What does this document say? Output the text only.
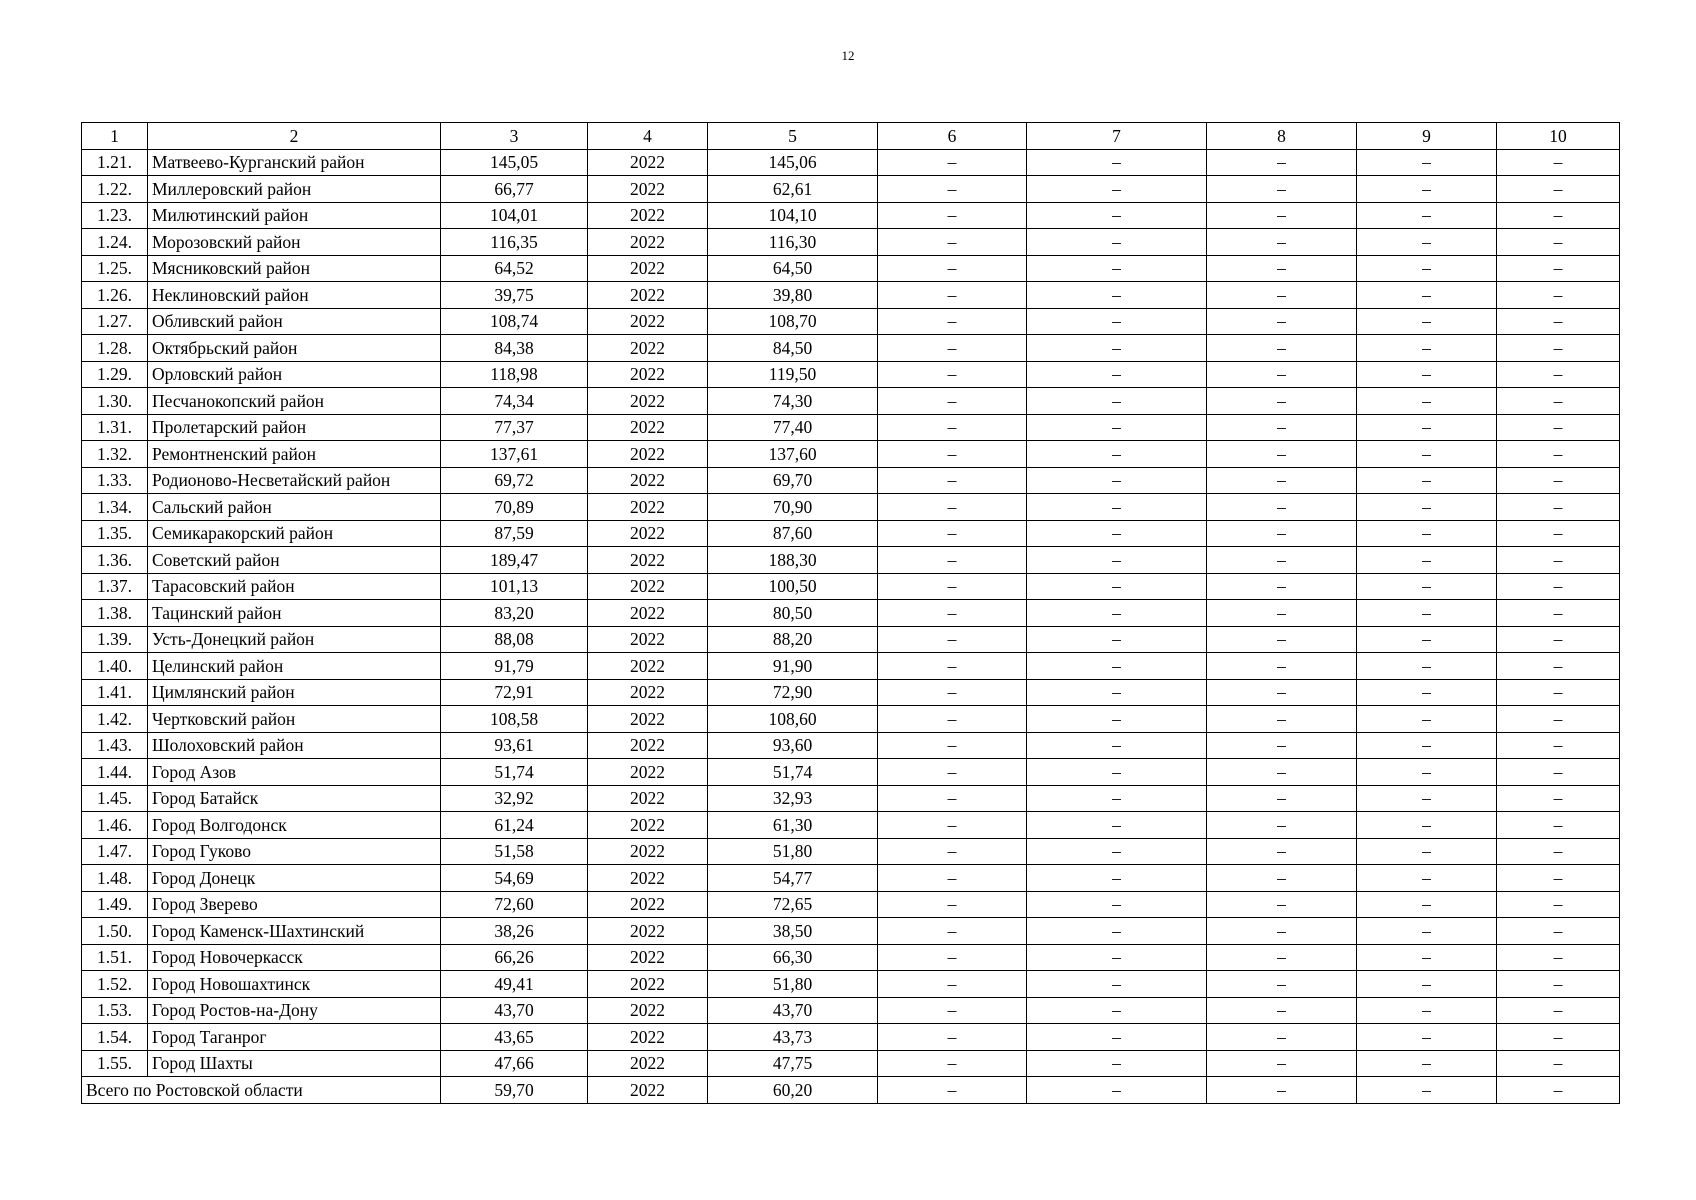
12
1	2	3	4	5	6	7	8	9	10
1.21.	Матвеево-Курганский район	145,05	2022	145,06	–	–	–	–	–
1.22.	Миллеровский район	66,77	2022	62,61	–	–	–	–	–
1.23.	Милютинский район	104,01	2022	104,10	–	–	–	–	–
1.24.	Морозовский район	116,35	2022	116,30	–	–	–	–	–
1.25.	Мясниковский район	64,52	2022	64,50	–	–	–	–	–
1.26.	Неклиновский район	39,75	2022	39,80	–	–	–	–	–
1.27.	Обливский район	108,74	2022	108,70	–	–	–	–	–
1.28.	Октябрьский район	84,38	2022	84,50	–	–	–	–	–
1.29.	Орловский район	118,98	2022	119,50	–	–	–	–	–
1.30.	Песчанокопский район	74,34	2022	74,30	–	–	–	–	–
1.31.	Пролетарский район	77,37	2022	77,40	–	–	–	–	–
1.32.	Ремонтненский район	137,61	2022	137,60	–	–	–	–	–
1.33.	Родионово-Несветайский район	69,72	2022	69,70	–	–	–	–	–
1.34.	Сальский район	70,89	2022	70,90	–	–	–	–	–
1.35.	Семикаракорский район	87,59	2022	87,60	–	–	–	–	–
1.36.	Советский район	189,47	2022	188,30	–	–	–	–	–
1.37.	Тарасовский район	101,13	2022	100,50	–	–	–	–	–
1.38.	Тацинский район	83,20	2022	80,50	–	–	–	–	–
1.39.	Усть-Донецкий район	88,08	2022	88,20	–	–	–	–	–
1.40.	Целинский район	91,79	2022	91,90	–	–	–	–	–
1.41.	Цимлянский район	72,91	2022	72,90	–	–	–	–	–
1.42.	Чертковский район	108,58	2022	108,60	–	–	–	–	–
1.43.	Шолоховский район	93,61	2022	93,60	–	–	–	–	–
1.44.	Город Азов	51,74	2022	51,74	–	–	–	–	–
1.45.	Город Батайск	32,92	2022	32,93	–	–	–	–	–
1.46.	Город Волгодонск	61,24	2022	61,30	–	–	–	–	–
1.47.	Город Гуково	51,58	2022	51,80	–	–	–	–	–
1.48.	Город Донецк	54,69	2022	54,77	–	–	–	–	–
1.49.	Город Зверево	72,60	2022	72,65	–	–	–	–	–
1.50.	Город Каменск-Шахтинский	38,26	2022	38,50	–	–	–	–	–
1.51.	Город Новочеркасск	66,26	2022	66,30	–	–	–	–	–
1.52.	Город Новошахтинск	49,41	2022	51,80	–	–	–	–	–
1.53.	Город Ростов-на-Дону	43,70	2022	43,70	–	–	–	–	–
1.54.	Город Таганрог	43,65	2022	43,73	–	–	–	–	–
1.55.	Город Шахты	47,66	2022	47,75	–	–	–	–	–
Всего по Ростовской области		59,70	2022	60,20	–	–	–	–	–
